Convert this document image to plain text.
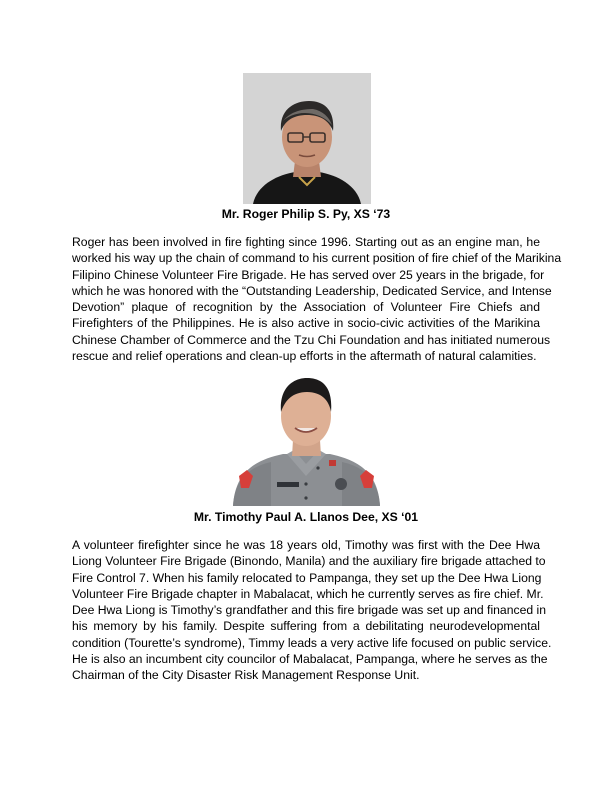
Mr. Roger Philip S. Py, XS ‘73
Roger has been involved in fire fighting since 1996. Starting out as an engine man, he
worked his way up the chain of command to his current position of fire chief of the Marikina
Filipino Chinese Volunteer Fire Brigade. He has served over 25 years in the brigade, for
which he was honored with the “Outstanding Leadership, Dedicated Service, and Intense
Devotion” plaque of recognition by the Association of Volunteer Fire Chiefs and
Firefighters of the Philippines. He is also active in socio-civic activities of the Marikina
Chinese Chamber of Commerce and the Tzu Chi Foundation and has initiated numerous
rescue and relief operations and clean-up efforts in the aftermath of natural calamities.
Mr. Timothy Paul A. Llanos Dee, XS ‘01
A volunteer firefighter since he was 18 years old, Timothy was first with the Dee Hwa
Liong Volunteer Fire Brigade (Binondo, Manila) and the auxiliary fire brigade attached to
Fire Control 7. When his family relocated to Pampanga, they set up the Dee Hwa Liong
Volunteer Fire Brigade chapter in Mabalacat, which he currently serves as fire chief. Mr.
Dee Hwa Liong is Timothy’s grandfather and this fire brigade was set up and financed in
his memory by his family. Despite suffering from a debilitating neurodevelopmental
condition (Tourette’s syndrome), Timmy leads a very active life focused on public service.
He is also an incumbent city councilor of Mabalacat, Pampanga, where he serves as the
Chairman of the City Disaster Risk Management Response Unit.
